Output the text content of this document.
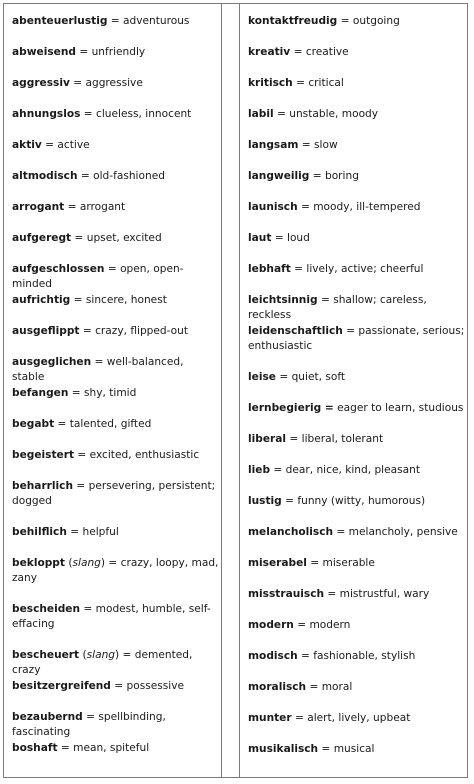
abenteuerlustig = adventurous
abweisend = unfriendly
aggressiv = aggressive
ahnungslos = clueless, innocent
aktiv = active
altmodisch = old-fashioned
arrogant = arrogant
aufgeregt = upset, excited
aufgeschlossen = open, open-minded
aufrichtig = sincere, honest
ausgeflippt = crazy, flipped-out
ausgeglichen = well-balanced, stable
befangen = shy, timid
begabt = talented, gifted
begeistert = excited, enthusiastic
beharrlich = persevering, persistent; dogged
behilflich = helpful
bekloppt (slang) = crazy, loopy, mad, zany
bescheiden = modest, humble, self-effacing
bescheuert (slang) = demented, crazy
besitzergreifend = possessive
bezaubernd = spellbinding, fascinating
boshaft = mean, spiteful
kontaktfreudig = outgoing
kreativ = creative
kritisch = critical
labil = unstable, moody
langsam = slow
langweilig = boring
launisch = moody, ill-tempered
laut = loud
lebhaft = lively, active; cheerful
leichtsinnig = shallow; careless, reckless
leidenschaftlich = passionate, serious; enthusiastic
leise = quiet, soft
lernbegierig = eager to learn, studious
liberal = liberal, tolerant
lieb = dear, nice, kind, pleasant
lustig = funny (witty, humorous)
melancholisch = melancholy, pensive
miserabel = miserable
misstrauisch = mistrustful, wary
modern = modern
modisch = fashionable, stylish
moralisch = moral
munter = alert, lively, upbeat
musikalisch = musical
